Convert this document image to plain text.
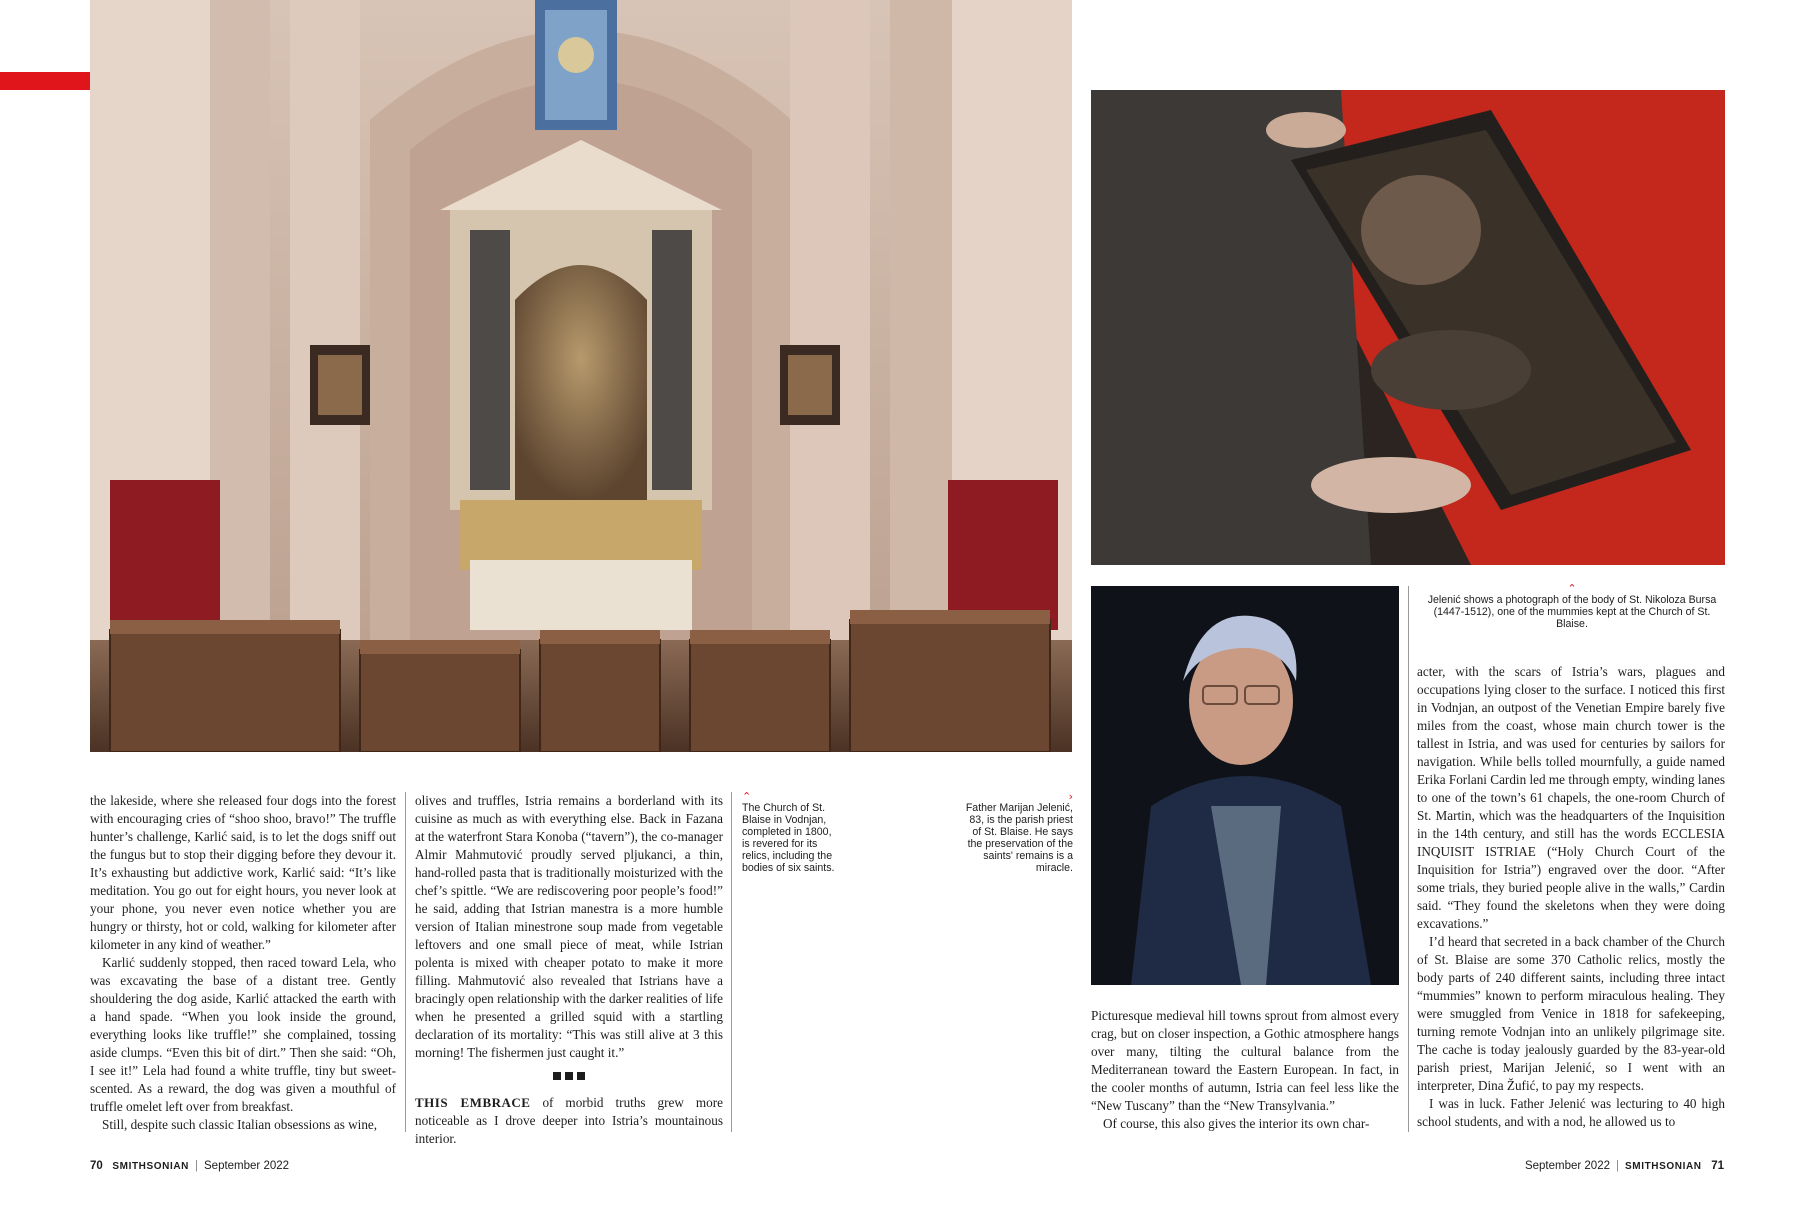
⌃
The Church of St. Blaise in Vodnjan, completed in 1800, is revered for its relics, including the bodies of six saints.
›
Father Marijan Jelenić, 83, is the parish priest of St. Blaise. He says the preservation of the saints' remains is a miracle.
⌃
Jelenić shows a photograph of the body of St. Nikoloza Bursa (1447-1512), one of the mummies kept at the Church of St. Blaise.

the lakeside, where she released four dogs into the forest with encouraging cries of “shoo shoo, bravo!” The truffle hunter’s challenge, Karlić said, is to let the dogs sniff out the fungus but to stop their digging before they devour it. It’s exhausting but addictive work, Karlić said: “It’s like meditation. You go out for eight hours, you never look at your phone, you never even notice whether you are hungry or thirsty, hot or cold, walking for kilometer after kilometer in any kind of weather.”

Karlić suddenly stopped, then raced toward Lela, who was excavating the base of a distant tree. Gently shouldering the dog aside, Karlić attacked the earth with a hand spade. “When you look inside the ground, everything looks like truffle!” she complained, tossing aside clumps. “Even this bit of dirt.” Then she said: “Oh, I see it!” Lela had found a white truffle, tiny but sweet-scented. As a reward, the dog was given a mouthful of truffle omelet left over from breakfast.

Still, despite such classic Italian obsessions as wine,

olives and truffles, Istria remains a borderland with its cuisine as much as with everything else. Back in Fazana at the waterfront Stara Konoba (“tavern”), the co-manager Almir Mahmutović proudly served pljukanci, a thin, hand-rolled pasta that is traditionally moisturized with the chef’s spittle. “We are rediscovering poor people’s food!” he said, adding that Istrian manestra is a more humble version of Italian minestrone soup made from vegetable leftovers and one small piece of meat, while Istrian polenta is mixed with cheaper potato to make it more filling. Mahmutović also revealed that Istrians have a bracingly open relationship with the darker realities of life when he presented a grilled squid with a startling declaration of its mortality: “This was still alive at 3 this morning! The fishermen just caught it.”

THIS EMBRACE of morbid truths grew more noticeable as I drove deeper into Istria’s mountainous interior.

Picturesque medieval hill towns sprout from almost every crag, but on closer inspection, a Gothic atmosphere hangs over many, tilting the cultural balance from the Mediterranean toward the Eastern European. In fact, in the cooler months of autumn, Istria can feel less like the “New Tuscany” than the “New Transylvania.”

Of course, this also gives the interior its own char-

acter, with the scars of Istria’s wars, plagues and occupations lying closer to the surface. I noticed this first in Vodnjan, an outpost of the Venetian Empire barely five miles from the coast, whose main church tower is the tallest in Istria, and was used for centuries by sailors for navigation. While bells tolled mournfully, a guide named Erika Forlani Cardin led me through empty, winding lanes to one of the town’s 61 chapels, the one-room Church of St. Martin, which was the headquarters of the Inquisition in the 14th century, and still has the words ECCLESIA INQUISIT ISTRIAE (“Holy Church Court of the Inquisition for Istria”) engraved over the door. “After some trials, they buried people alive in the walls,” Cardin said. “They found the skeletons when they were doing excavations.”

I’d heard that secreted in a back chamber of the Church of St. Blaise are some 370 Catholic relics, mostly the body parts of 240 different saints, including three intact “mummies” known to perform miraculous healing. They were smuggled from Venice in 1818 for safekeeping, turning remote Vodnjan into an unlikely pilgrimage site. The cache is today jealously guarded by the 83-year-old parish priest, Marijan Jelenić, so I went with an interpreter, Dina Žufić, to pay my respects.

I was in luck. Father Jelenić was lecturing to 40 high school students, and with a nod, he allowed us to

70 SMITHSONIAN | September 2022	September 2022 | SMITHSONIAN 71
